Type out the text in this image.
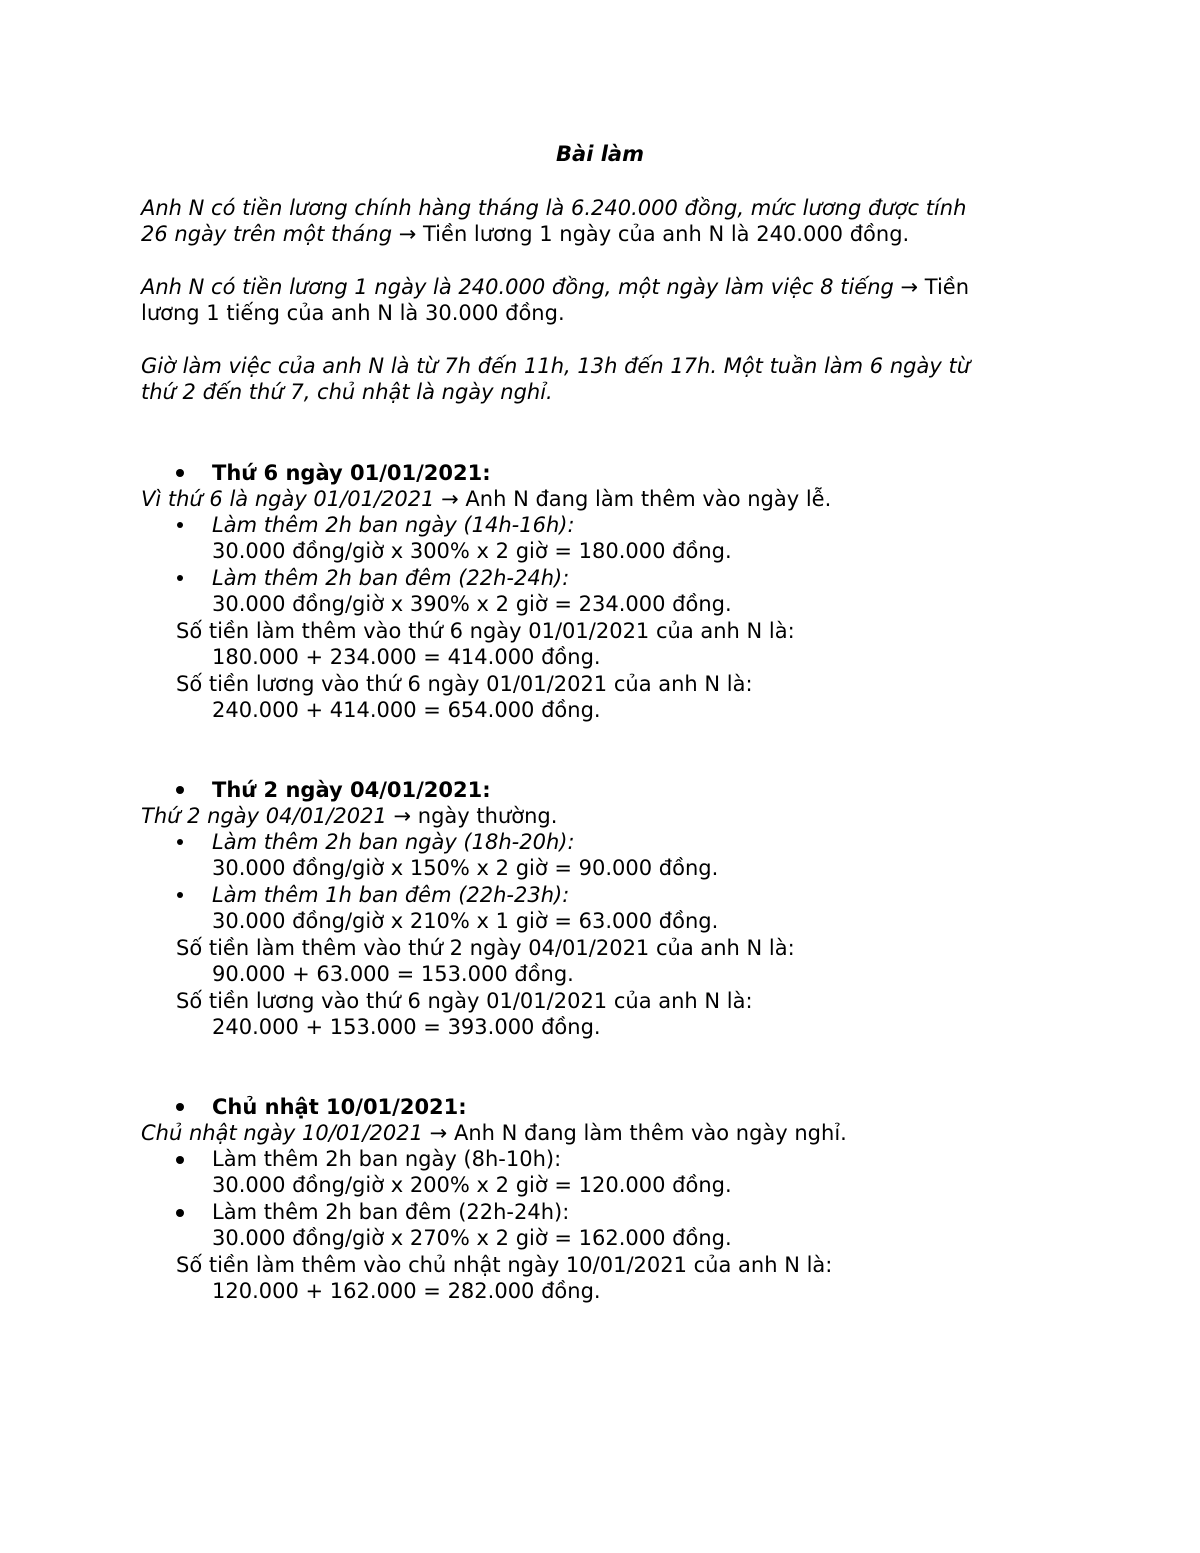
Bài làm
Anh N có tiền lương chính hàng tháng là 6.240.000 đồng, mức lương được tính
26 ngày trên một tháng → Tiền lương 1 ngày của anh N là 240.000 đồng.
Anh N có tiền lương 1 ngày là 240.000 đồng, một ngày làm việc 8 tiếng → Tiền
lương 1 tiếng của anh N là 30.000 đồng.
Giờ làm việc của anh N là từ 7h đến 11h, 13h đến 17h. Một tuần làm 6 ngày từ
thứ 2 đến thứ 7, chủ nhật là ngày nghỉ.
Thứ 6 ngày 01/01/2021:
Vì thứ 6 là ngày 01/01/2021 → Anh N đang làm thêm vào ngày lễ.
Làm thêm 2h ban ngày (14h-16h):
30.000 đồng/giờ x 300% x 2 giờ = 180.000 đồng.
Làm thêm 2h ban đêm (22h-24h):
30.000 đồng/giờ x 390% x 2 giờ = 234.000 đồng.
Số tiền làm thêm vào thứ 6 ngày 01/01/2021 của anh N là:
180.000 + 234.000 = 414.000 đồng.
Số tiền lương vào thứ 6 ngày 01/01/2021 của anh N là:
240.000 + 414.000 = 654.000 đồng.
Thứ 2 ngày 04/01/2021:
Thứ 2 ngày 04/01/2021 → ngày thường.
Làm thêm 2h ban ngày (18h-20h):
30.000 đồng/giờ x 150% x 2 giờ = 90.000 đồng.
Làm thêm 1h ban đêm (22h-23h):
30.000 đồng/giờ x 210% x 1 giờ = 63.000 đồng.
Số tiền làm thêm vào thứ 2 ngày 04/01/2021 của anh N là:
90.000 + 63.000 = 153.000 đồng.
Số tiền lương vào thứ 6 ngày 01/01/2021 của anh N là:
240.000 + 153.000 = 393.000 đồng.
Chủ nhật 10/01/2021:
Chủ nhật ngày 10/01/2021 → Anh N đang làm thêm vào ngày nghỉ.
Làm thêm 2h ban ngày (8h-10h):
30.000 đồng/giờ x 200% x 2 giờ = 120.000 đồng.
Làm thêm 2h ban đêm (22h-24h):
30.000 đồng/giờ x 270% x 2 giờ = 162.000 đồng.
Số tiền làm thêm vào chủ nhật ngày 10/01/2021 của anh N là:
120.000 + 162.000 = 282.000 đồng.
